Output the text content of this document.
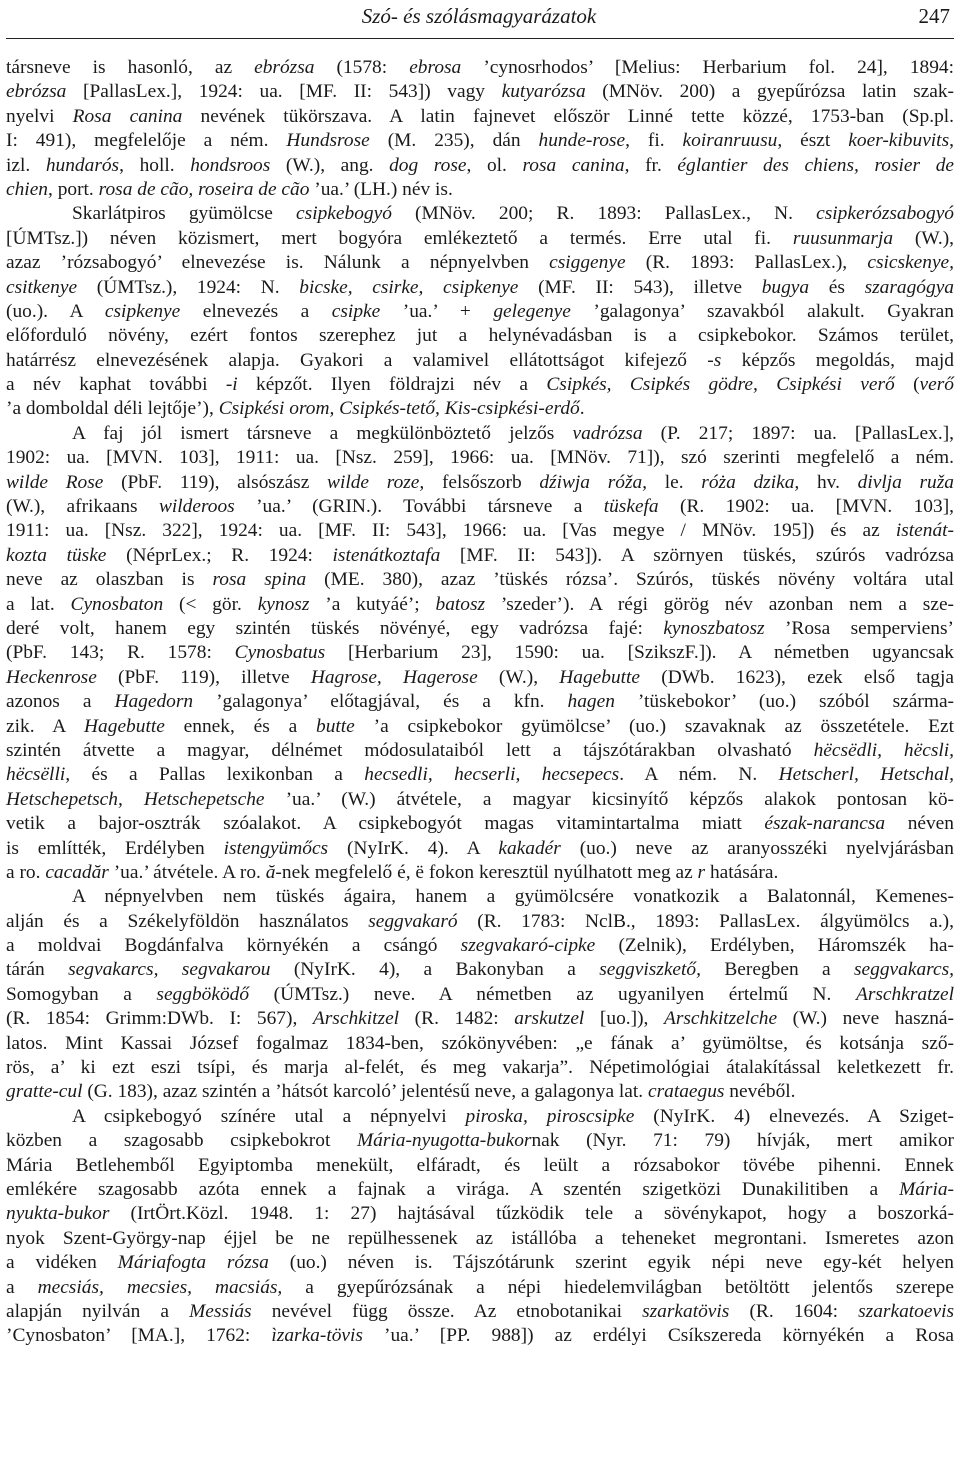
Szó- és szólásmagyarázatok	247
társneve is hasonló, az ebrózsa (1578: ebrosa ’cynosrhodos’ [Melius: Herbarium fol. 24], 1894:
ebrózsa [PallasLex.], 1924: ua. [MF. II: 543]) vagy kutyarózsa (MNöv. 200) a gyepűrózsa latin szak-
nyelvi Rosa canina nevének tükörszava. A latin fajnevet először Linné tette közzé, 1753-ban (Sp.pl.
I: 491), megfelelője a ném. Hundsrose (M. 235), dán hunde-rose, fi. koiranruusu, észt koer-kibuvits,
izl. hundarós, holl. hondsroos (W.), ang. dog rose, ol. rosa canina, fr. églantier des chiens, rosier de
chien, port. rosa de cão, roseira de cão ’ua.’ (LH.) név is.
Skarlátpiros gyümölcse csipkebogyó (MNöv. 200; R. 1893: PallasLex., N. csipkerózsabogyó
[ÚMTsz.]) néven közismert, mert bogyóra emlékeztető a termés. Erre utal fi. ruusunmarja (W.),
azaz ’rózsabogyó’ elnevezése is. Nálunk a népnyelvben csiggenye (R. 1893: PallasLex.), csicskenye,
csitkenye (ÚMTsz.), 1924: N. bicske, csirke, csipkenye (MF. II: 543), illetve bugya és szaragógya
(uo.). A csipkenye elnevezés a csipke ’ua.’ + gelegenye ’galagonya’ szavakból alakult. Gyakran
előforduló növény, ezért fontos szerephez jut a helynévadásban is a csipkebokor. Számos terület,
határrész elnevezésének alapja. Gyakori a valamivel ellátottságot kifejező -s képzős megoldás, majd
a név kaphat további -i képzőt. Ilyen földrajzi név a Csipkés, Csipkés gödre, Csipkési verő (verő
’a domboldal déli lejtője’), Csipkési orom, Csipkés-tető, Kis-csipkési-erdő.
A faj jól ismert társneve a megkülönböztető jelzős vadrózsa (P. 217; 1897: ua. [PallasLex.],
1902: ua. [MVN. 103], 1911: ua. [Nsz. 259], 1966: ua. [MNöv. 71]), szó szerinti megfelelő a ném.
wilde Rose (PbF. 119), alsószász wilde roze, felsőszorb dźiwja róža, le. róża dzika, hv. divlja ruža
(W.), afrikaans wilderoos ’ua.’ (GRIN.). További társneve a tüskefa (R. 1902: ua. [MVN. 103],
1911: ua. [Nsz. 322], 1924: ua. [MF. II: 543], 1966: ua. [Vas megye / MNöv. 195]) és az istenát-
kozta tüske (NéprLex.; R. 1924: istenátkoztafa [MF. II: 543]). A szörnyen tüskés, szúrós vadrózsa
neve az olaszban is rosa spina (ME. 380), azaz ’tüskés rózsa’. Szúrós, tüskés növény voltára utal
a lat. Cynosbaton (< gör. kynosz ’a kutyáé’; batosz ’szeder’). A régi görög név azonban nem a sze-
deré volt, hanem egy szintén tüskés növényé, egy vadrózsa fajé: kynoszbatosz ’Rosa semperviens’
(PbF. 143; R. 1578: Cynosbatus [Herbarium 23], 1590: ua. [SzikszF.]). A németben ugyancsak
Heckenrose (PbF. 119), illetve Hagrose, Hagerose (W.), Hagebutte (DWb. 1623), ezek első tagja
azonos a Hagedorn ’galagonya’ előtagjával, és a kfn. hagen ’tüskebokor’ (uo.) szóból szárma-
zik. A Hagebutte ennek, és a butte ’a csipkebokor gyümölcse’ (uo.) szavaknak az összetétele. Ezt
szintén átvette a magyar, délnémet módosulataiból lett a tájszótárakban olvasható hëcsëdli, hëcsli,
hëcsëlli, és a Pallas lexikonban a hecsedli, hecserli, hecsepecs. A ném. N. Hetscherl, Hetschal,
Hetschepetsch, Hetschepetsche ’ua.’ (W.) átvétele, a magyar kicsinyítő képzős alakok pontosan kö-
vetik a bajor-osztrák szóalakot. A csipkebogyót magas vitamintartalma miatt észak-narancsa néven
is említték, Erdélyben istengyümőcs (NyIrK. 4). A kakadér (uo.) neve az aranyosszéki nyelvjárásban
a ro. cacadăr ’ua.’ átvétele. A ro. ă-nek megfelelő é, ë fokon keresztül nyúlhatott meg az r hatására.
A népnyelvben nem tüskés ágaira, hanem a gyümölcsére vonatkozik a Balatonnál, Kemenes-
alján és a Székelyföldön használatos seggvakaró (R. 1783: NclB., 1893: PallasLex. álgyümölcs a.),
a moldvai Bogdánfalva környékén a csángó szegvakaró-cipke (Zelnik), Erdélyben, Háromszék ha-
tárán segvakarcs, segvakarou (NyIrK. 4), a Bakonyban a seggviszkető, Beregben a seggvakarcs,
Somogyban a seggböködő (ÚMTsz.) neve. A németben az ugyanilyen értelmű N. Arschkratzel
(R. 1854: Grimm:DWb. I: 567), Arschkitzel (R. 1482: arskutzel [uo.]), Arschkitzelche (W.) neve haszná-
latos. Mint Kassai József fogalmaz 1834-ben, szókönyvében: „e fának a’ gyümöltse, és kotsánja sző-
rös, a’ ki ezt eszi tsípi, és marja al-felét, és meg vakarja”. Népetimológiai átalakítással keletkezett fr.
gratte-cul (G. 183), azaz szintén a ’hátsót karcoló’ jelentésű neve, a galagonya lat. crataegus nevéből.
A csipkebogyó színére utal a népnyelvi piroska, piroscsipke (NyIrK. 4) elnevezés. A Sziget-
közben a szagosabb csipkebokrot Mária-nyugotta-bukornak (Nyr. 71: 79) hívják, mert amikor
Mária Betlehemből Egyiptomba menekült, elfáradt, és leült a rózsabokor tövébe pihenni. Ennek
emlékére szagosabb azóta ennek a fajnak a virága. A szentén szigetközi Dunakilitiben a Mária-
nyukta-bukor (IrtÖrt.Közl. 1948. 1: 27) hajtásával tűzködik tele a sövénykapot, hogy a boszorká-
nyok Szent-György-nap éjjel be ne repülhessenek az istállóba a teheneket megrontani. Ismeretes azon
a vidéken Máriafogta rózsa (uo.) néven is. Tájszótárunk szerint egyik népi neve egy-két helyen
a mecsiás, mecsies, macsiás, a gyepűrózsának a népi hiedelemvilágban betöltött jelentős szerepe
alapján nyilván a Messiás nevével függ össze. Az etnobotanikai szarkatövis (R. 1604: szarkatoevis
’Cynosbaton’ [MA.], 1762: ìzarka-tövis ’ua.’ [PP. 988]) az erdélyi Csíkszereda környékén a Rosa
